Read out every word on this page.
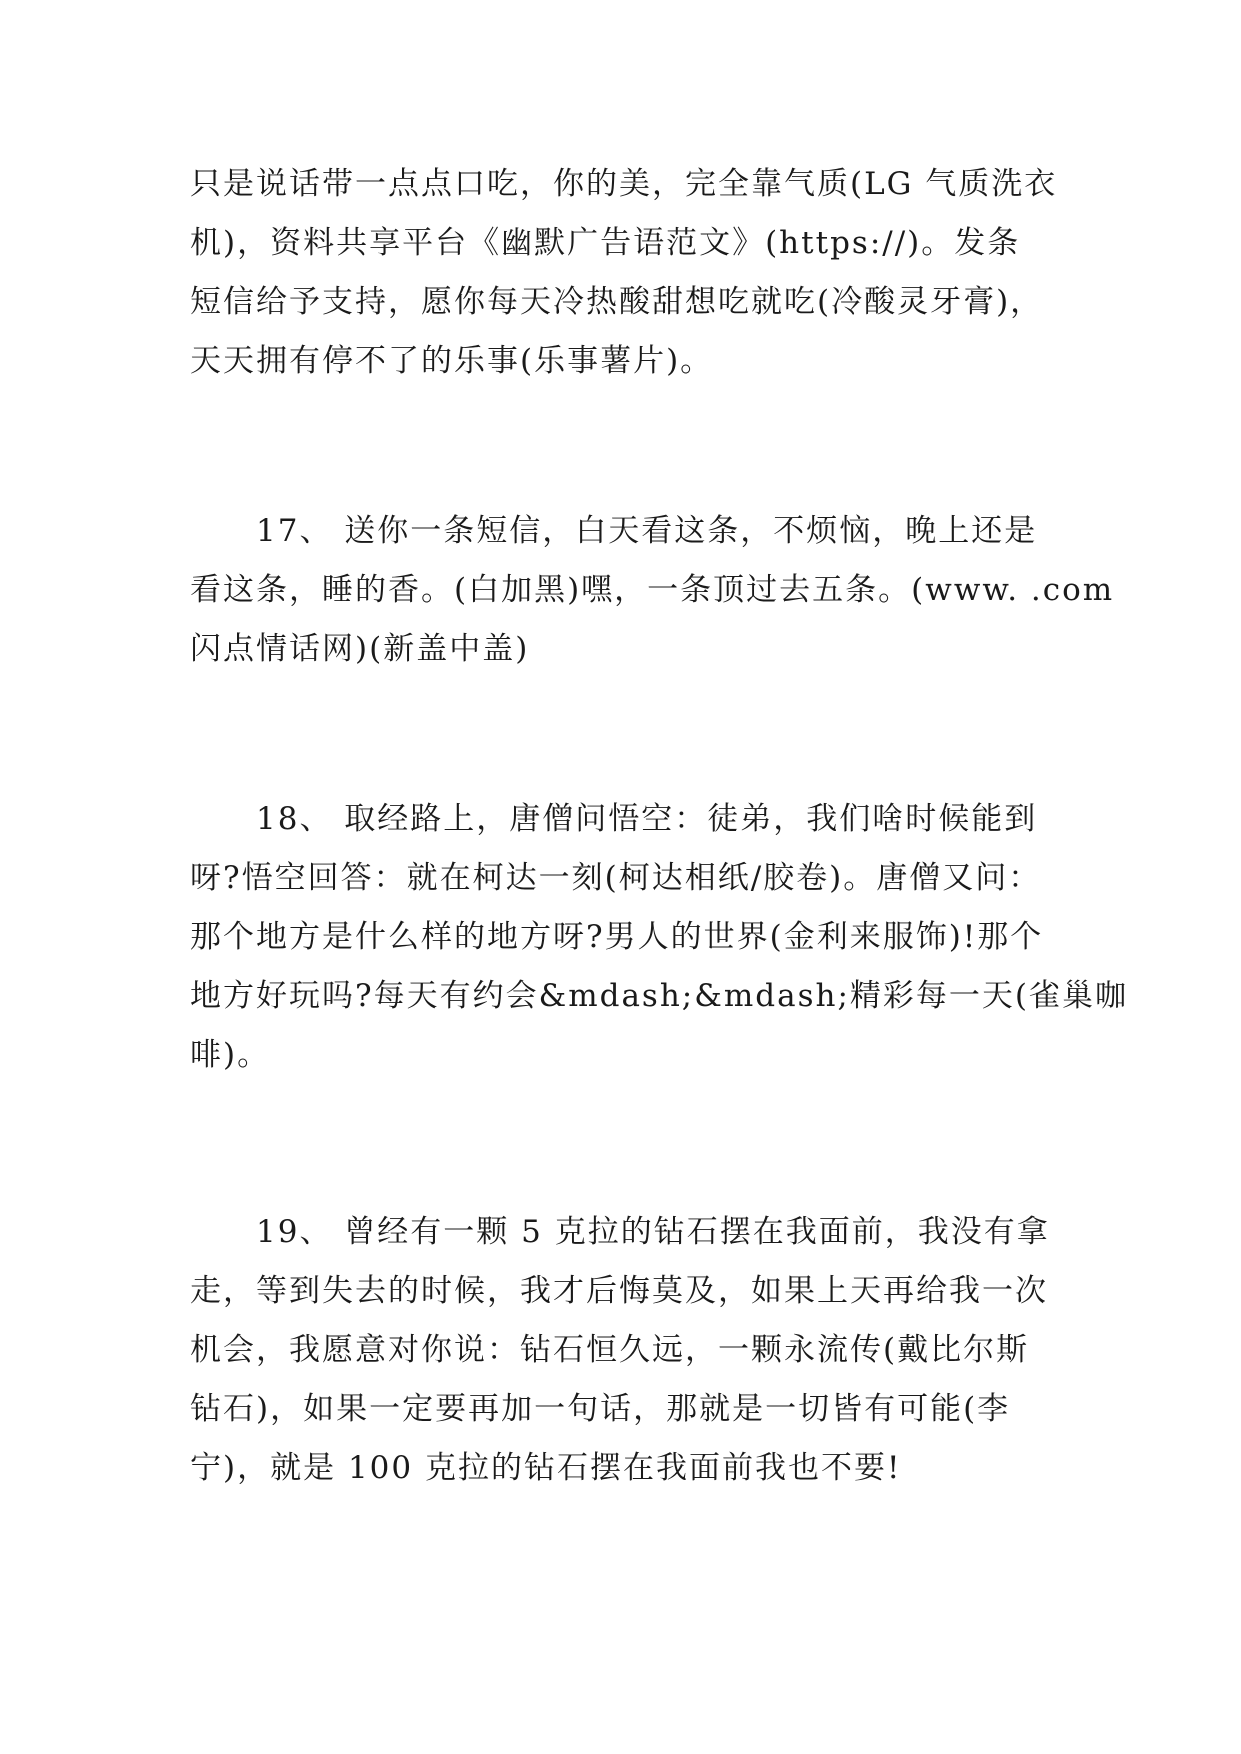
只是说话带一点点口吃，你的美，完全靠气质(LG 气质洗衣
机)，资料共享平台《幽默广告语范文》(https://)。发条
短信给予支持，愿你每天冷热酸甜想吃就吃(冷酸灵牙膏)，
天天拥有停不了的乐事(乐事薯片)。

　　17、 送你一条短信，白天看这条，不烦恼，晚上还是
看这条，睡的香。(白加黑)嘿，一条顶过去五条。(www. .com
闪点情话网)(新盖中盖)

　　18、 取经路上，唐僧问悟空：徒弟，我们啥时候能到
呀?悟空回答：就在柯达一刻(柯达相纸/胶卷)。唐僧又问：
那个地方是什么样的地方呀?男人的世界(金利来服饰)!那个
地方好玩吗?每天有约会&mdash;&mdash;精彩每一天(雀巢咖
啡)。

　　19、 曾经有一颗 5 克拉的钻石摆在我面前，我没有拿
走，等到失去的时候，我才后悔莫及，如果上天再给我一次
机会，我愿意对你说：钻石恒久远，一颗永流传(戴比尔斯
钻石)，如果一定要再加一句话，那就是一切皆有可能(李
宁)，就是 100 克拉的钻石摆在我面前我也不要!
